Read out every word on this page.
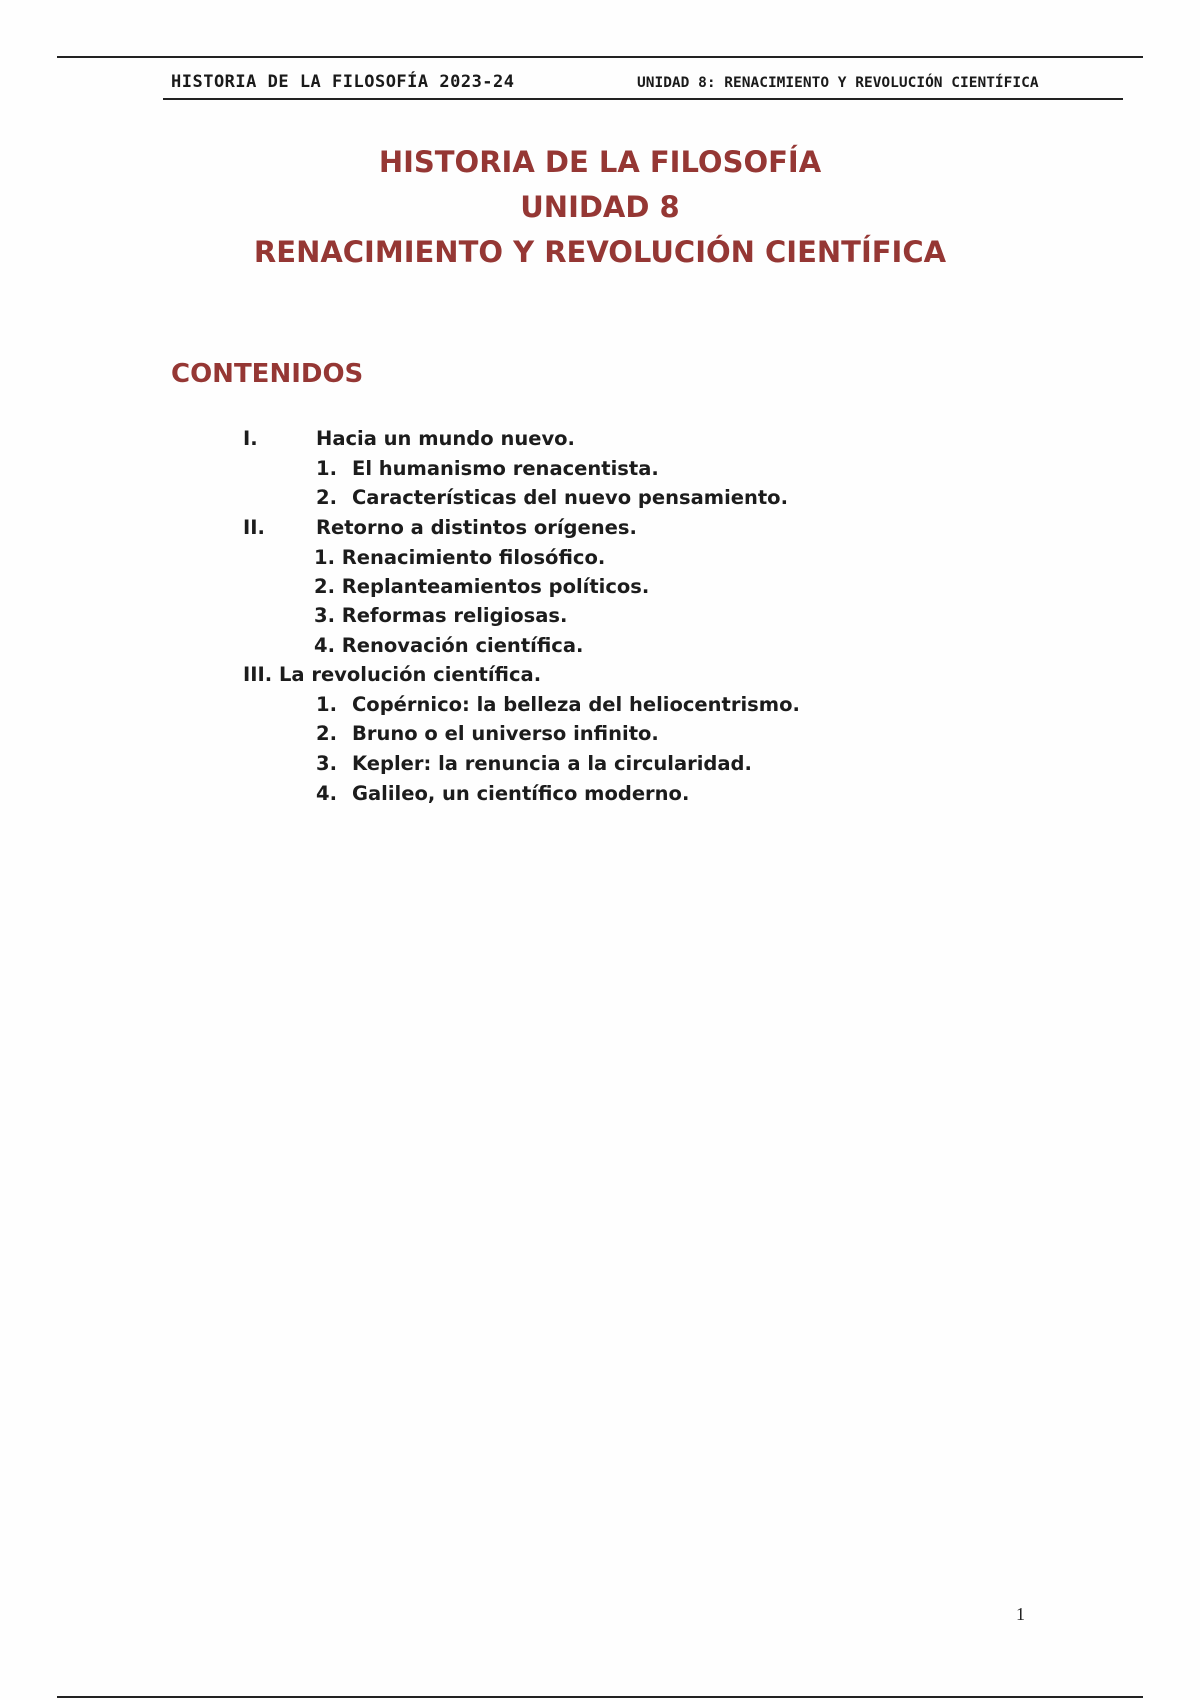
HISTORIA DE LA FILOSOFÍA 2023-24	UNIDAD 8: RENACIMIENTO Y REVOLUCIÓN CIENTÍFICA
HISTORIA DE LA FILOSOFÍA
UNIDAD 8
RENACIMIENTO Y REVOLUCIÓN CIENTÍFICA
CONTENIDOS
I.	Hacia un mundo nuevo.
1. El humanismo renacentista.
2. Características del nuevo pensamiento.
II.	Retorno a distintos orígenes.
1. Renacimiento filosófico.
2. Replanteamientos políticos.
3. Reformas religiosas.
4. Renovación científica.
III. La revolución científica.
1. Copérnico: la belleza del heliocentrismo.
2. Bruno o el universo infinito.
3. Kepler: la renuncia a la circularidad.
4. Galileo, un científico moderno.
1
